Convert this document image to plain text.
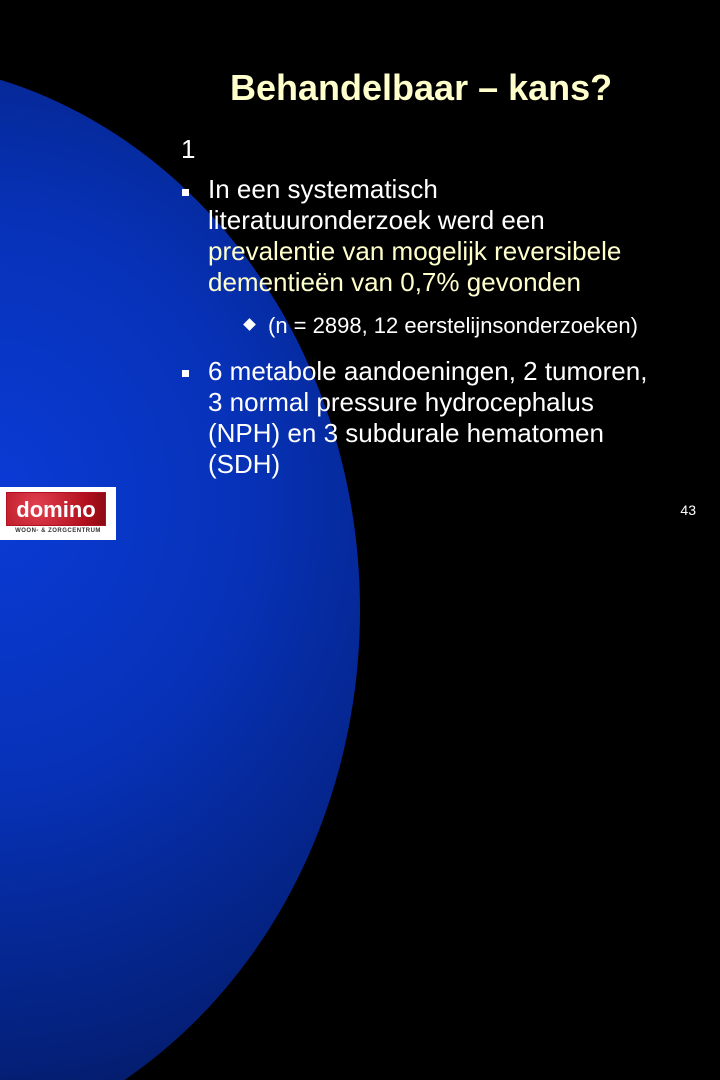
Behandelbaar – kans?
1
In een systematisch
literatuuronderzoek werd een
prevalentie van mogelijk reversibele
dementieën van 0,7% gevonden
(n = 2898, 12 eerstelijnsonderzoeken)
6 metabole aandoeningen, 2 tumoren,
3 normal pressure hydrocephalus
(NPH) en 3 subdurale hematomen
(SDH)
43
domino
WOON- & ZORGCENTRUM
